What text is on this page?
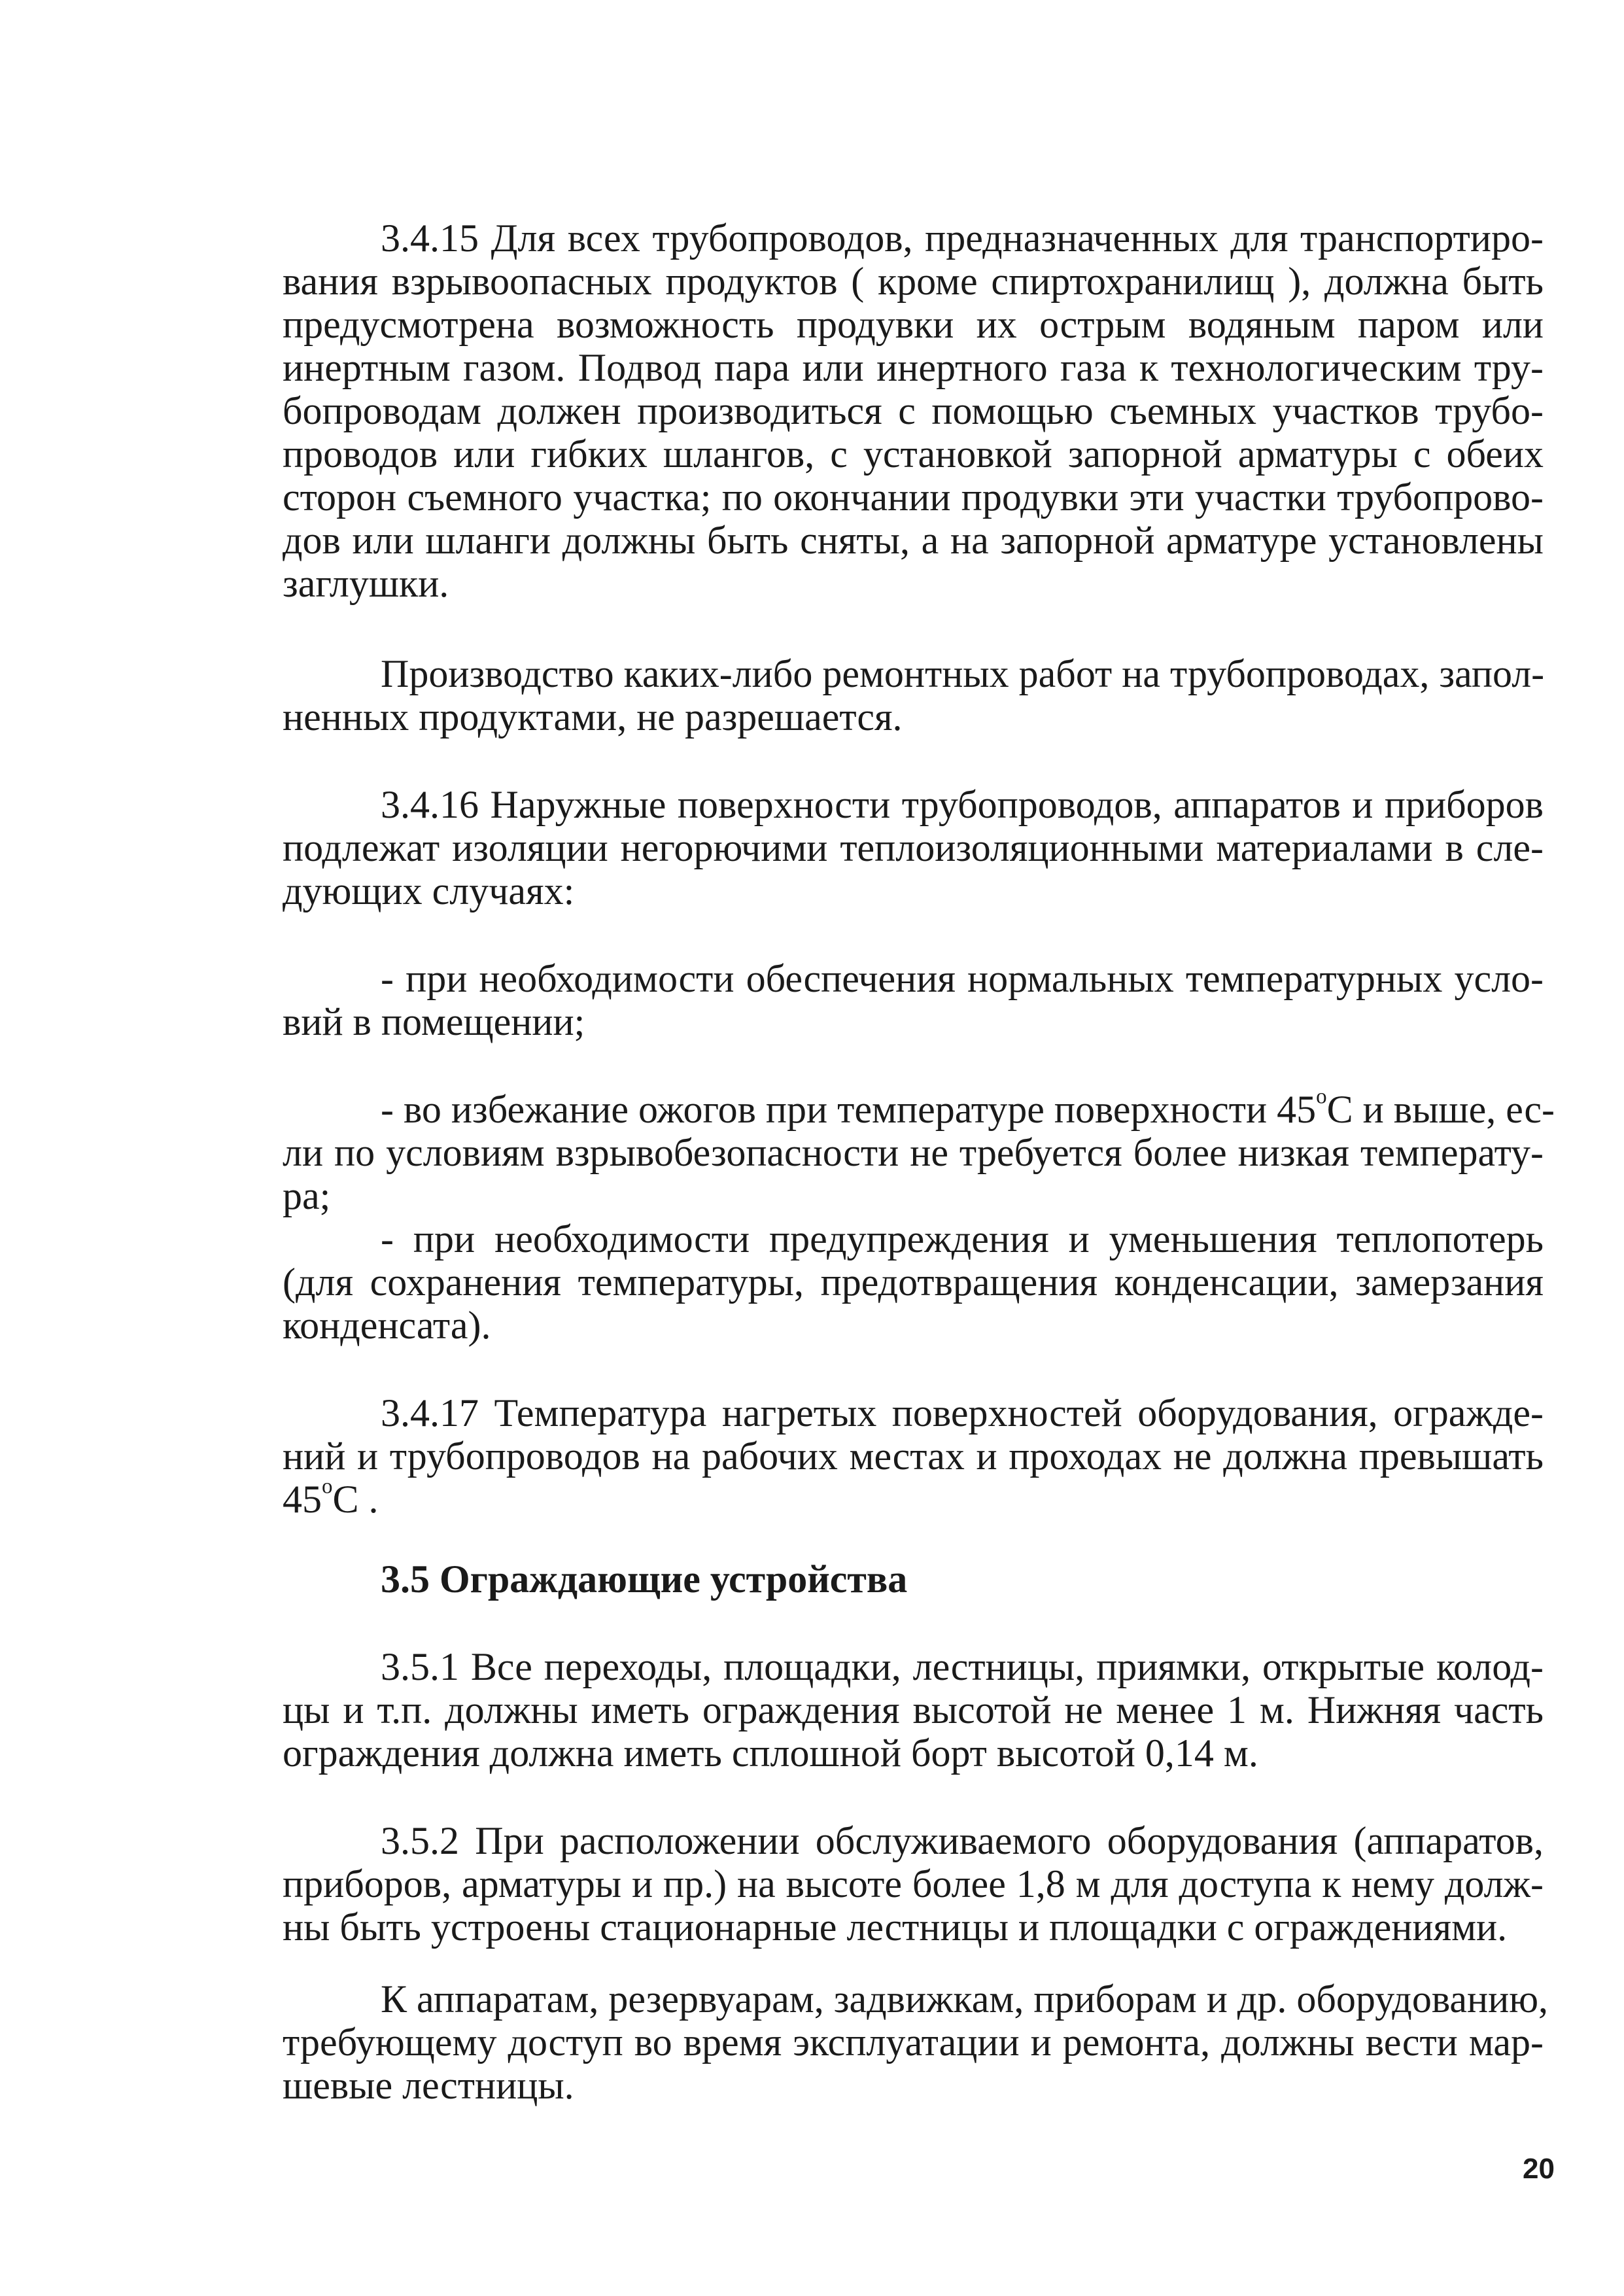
3.4.15 Для всех трубопроводов, предназначенных для транспортиро-
вания взрывоопасных продуктов ( кроме спиртохранилищ ), должна быть
предусмотрена возможность продувки их острым водяным паром или
инертным газом. Подвод пара или инертного газа к технологическим тру-
бопроводам должен производиться с помощью съемных участков трубо-
проводов или гибких шлангов, с установкой запорной арматуры с обеих
сторон съемного участка; по окончании продувки эти участки трубопрово-
дов или шланги должны быть сняты, а на запорной арматуре установлены
заглушки.
Производство каких-либо ремонтных работ на трубопроводах, запол-
ненных продуктами, не разрешается.
3.4.16 Наружные поверхности трубопроводов, аппаратов и приборов
подлежат изоляции негорючими теплоизоляционными материалами в сле-
дующих случаях:
- при необходимости обеспечения нормальных температурных усло-
вий в помещении;
- во избежание ожогов при температуре поверхности 45$^o$С и выше, ес-
ли по условиям взрывобезопасности не требуется более низкая температу-
ра;
- при необходимости предупреждения и уменьшения теплопотерь
(для сохранения температуры, предотвращения конденсации, замерзания
конденсата).
3.4.17 Температура нагретых поверхностей оборудования, огражде-
ний и трубопроводов на рабочих местах и проходах не должна превышать
45$^o$С .
3.5 Ограждающие устройства
3.5.1 Все переходы, площадки, лестницы, приямки, открытые колод-
цы и т.п. должны иметь ограждения высотой не менее 1 м. Нижняя часть
ограждения должна иметь сплошной борт высотой 0,14 м.
3.5.2 При расположении обслуживаемого оборудования (аппаратов,
приборов, арматуры и пр.) на высоте более 1,8 м для доступа к нему долж-
ны быть устроены стационарные лестницы и площадки с ограждениями.
К аппаратам, резервуарам, задвижкам, приборам и др. оборудованию,
требующему доступ во время эксплуатации и ремонта, должны вести мар-
шевые лестницы.
20
